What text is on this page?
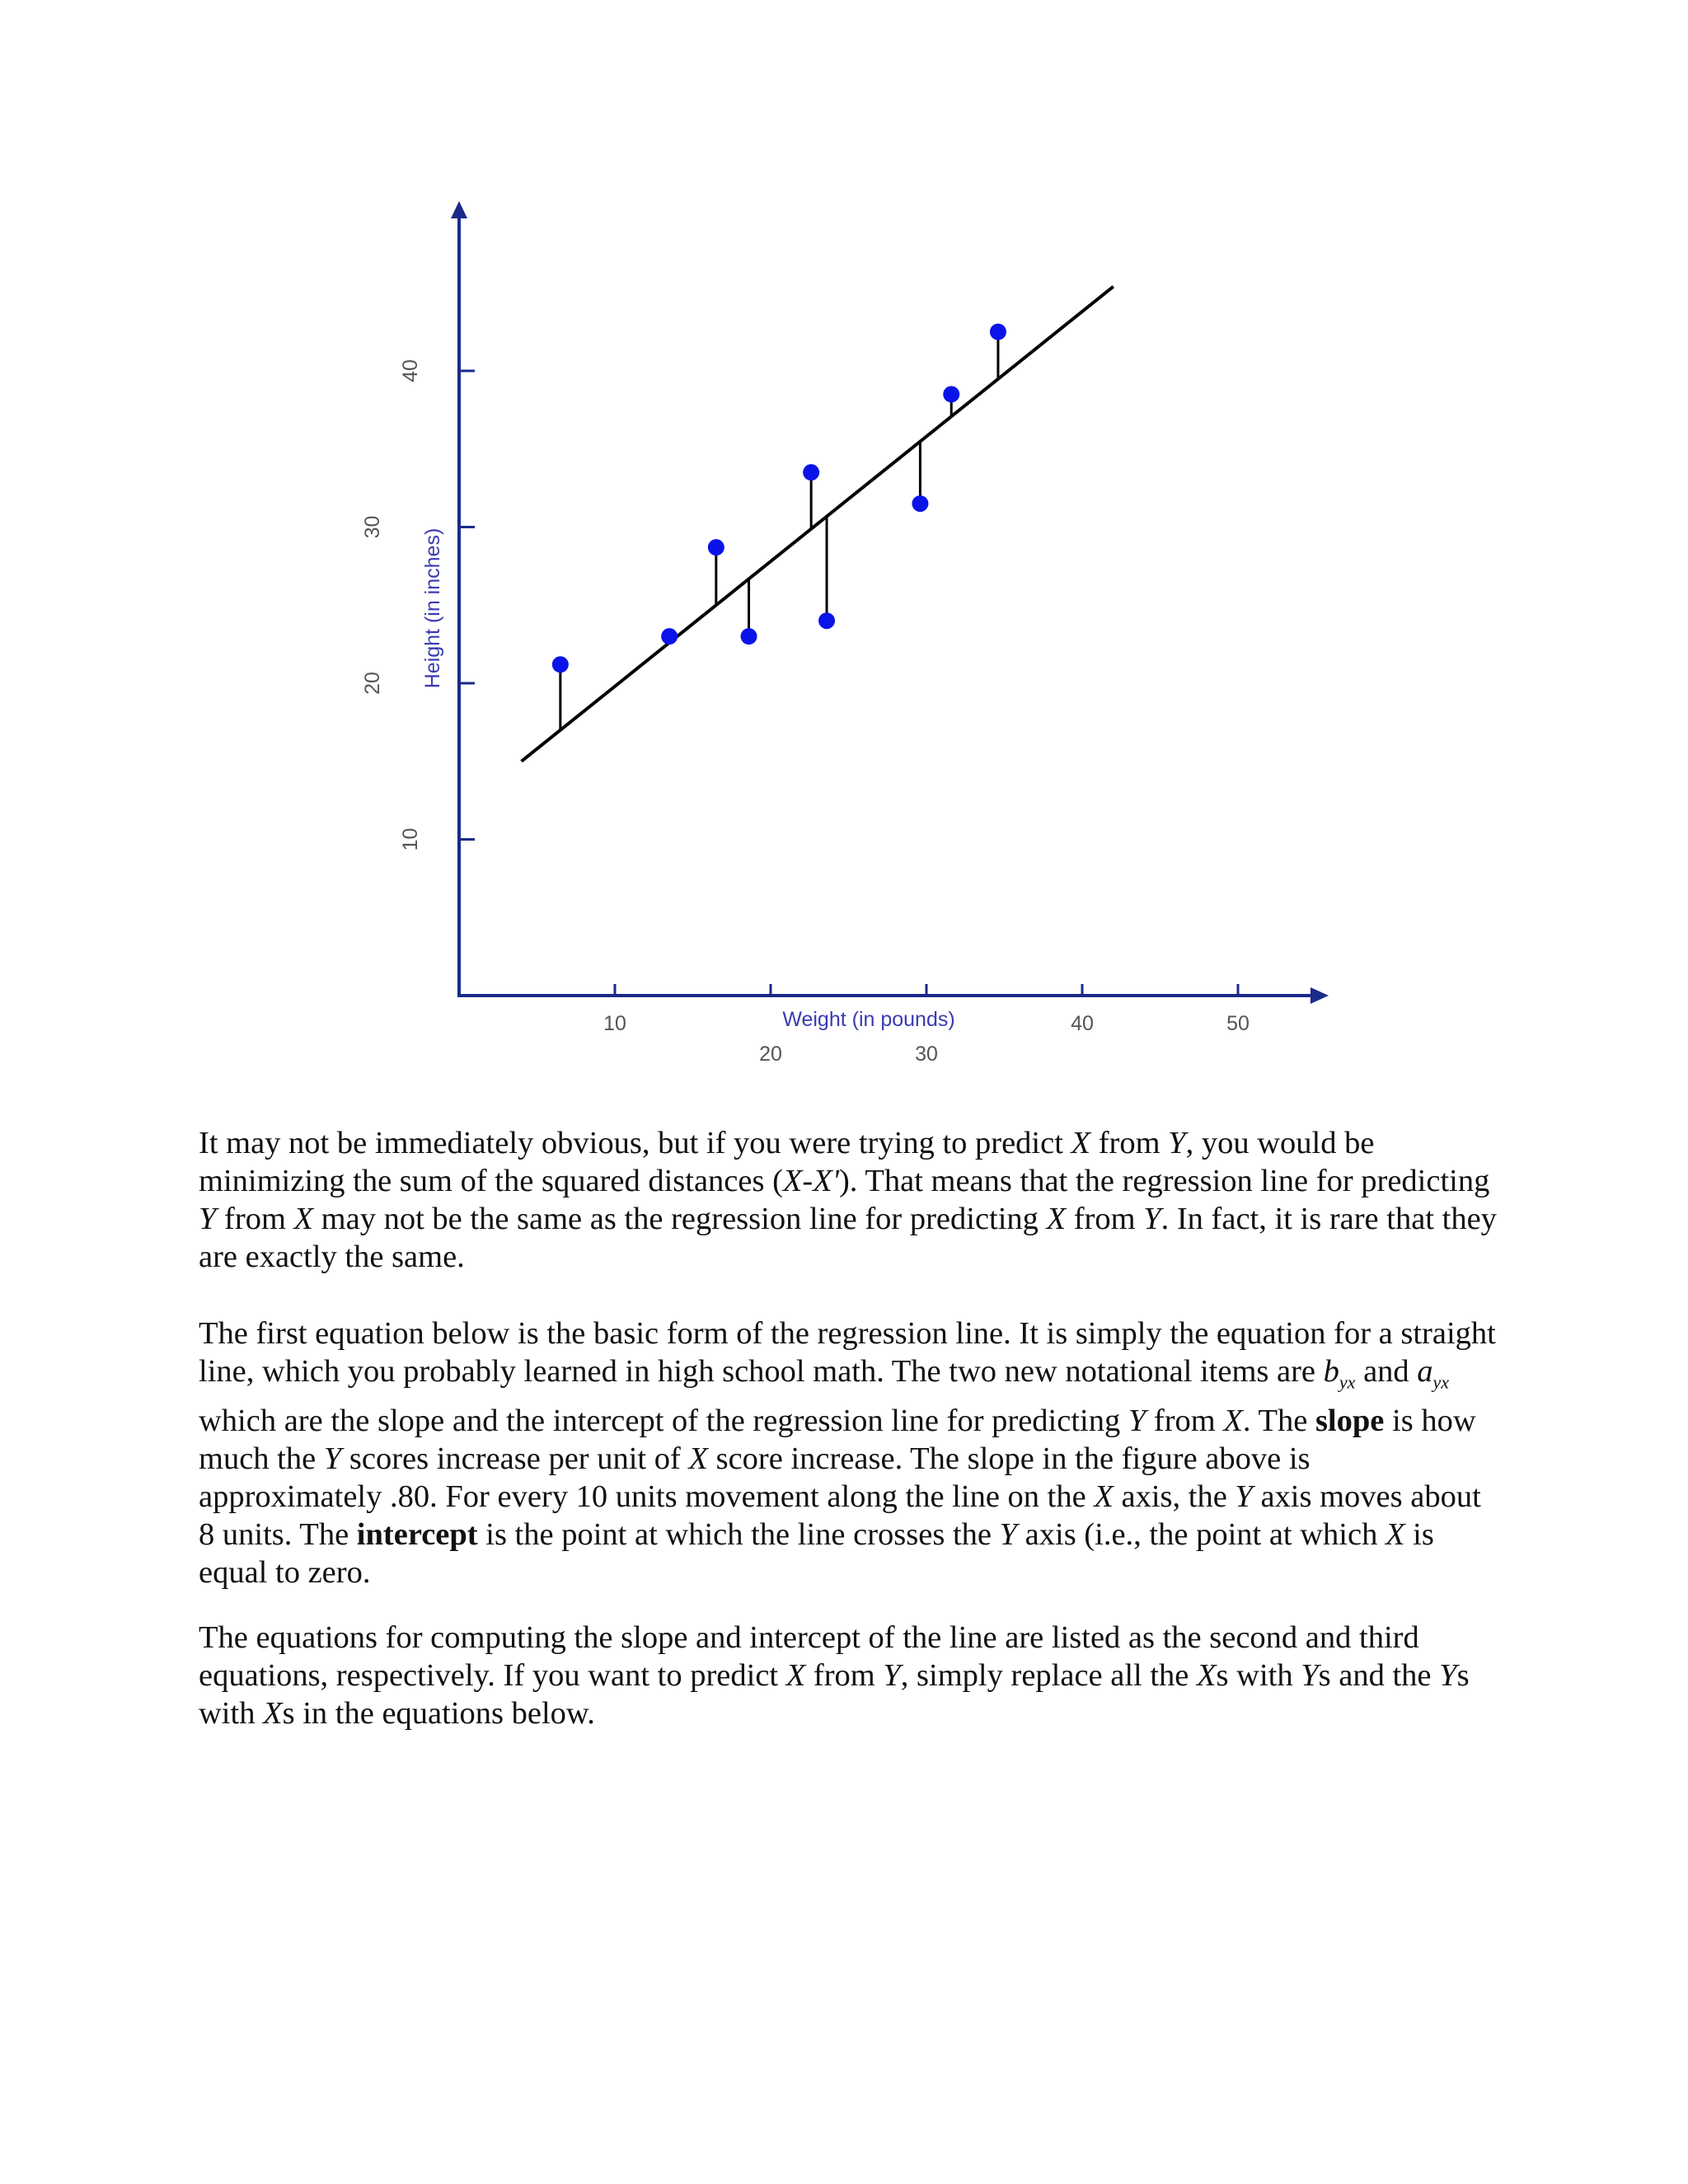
10
20	30
40	50
10
20
30
40
Height (in inches)
Weight (in pounds)

It may not be immediately obvious, but if you were trying to predict X from Y, you would be minimizing the sum of the squared distances (X-X'). That means that the regression line for predicting Y from X may not be the same as the regression line for predicting X from Y. In fact, it is rare that they are exactly the same.

The first equation below is the basic form of the regression line. It is simply the equation for a straight line, which you probably learned in high school math. The two new notational items are $b_{yx}$ and $a_{yx}$ which are the slope and the intercept of the regression line for predicting Y from X. The slope is how much the Y scores increase per unit of X score increase. The slope in the figure above is approximately .80. For every 10 units movement along the line on the X axis, the Y axis moves about 8 units. The intercept is the point at which the line crosses the Y axis (i.e., the point at which X is equal to zero.

The equations for computing the slope and intercept of the line are listed as the second and third equations, respectively. If you want to predict X from Y, simply replace all the Xs with Ys and the Ys with Xs in the equations below.
